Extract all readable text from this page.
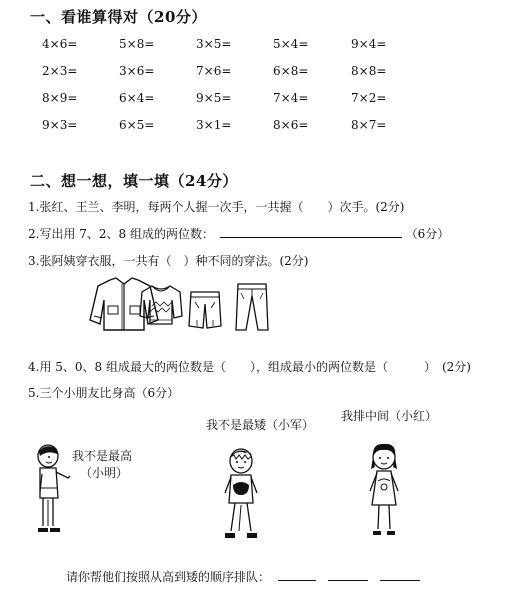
一、看谁算得对（20分）
4×6=	5×8=	3×5=	5×4=	9×4=
2×3=	3×6=	7×6=	6×8=	8×8=
8×9=	6×4=	9×5=	7×4=	7×2=
9×3=	6×5=	3×1=	8×6=	8×7=
二、想一想，填一填（24分）
1.张红、王兰、李明，每两个人握一次手，一共握（　　）次手。(2分)
2.写出用 7、2、8 组成的两位数：	（6分）
3.张阿姨穿衣服，一共有（　）种不同的穿法。(2分)
4.用 5、0、8 组成最大的两位数是（　　），组成最小的两位数是（　　　）　(2分)
5.三个小朋友比身高（6分）
我不是最矮（小军）
我排中间（小红）
我不是最高
（小明）
请你帮他们按照从高到矮的顺序排队：
